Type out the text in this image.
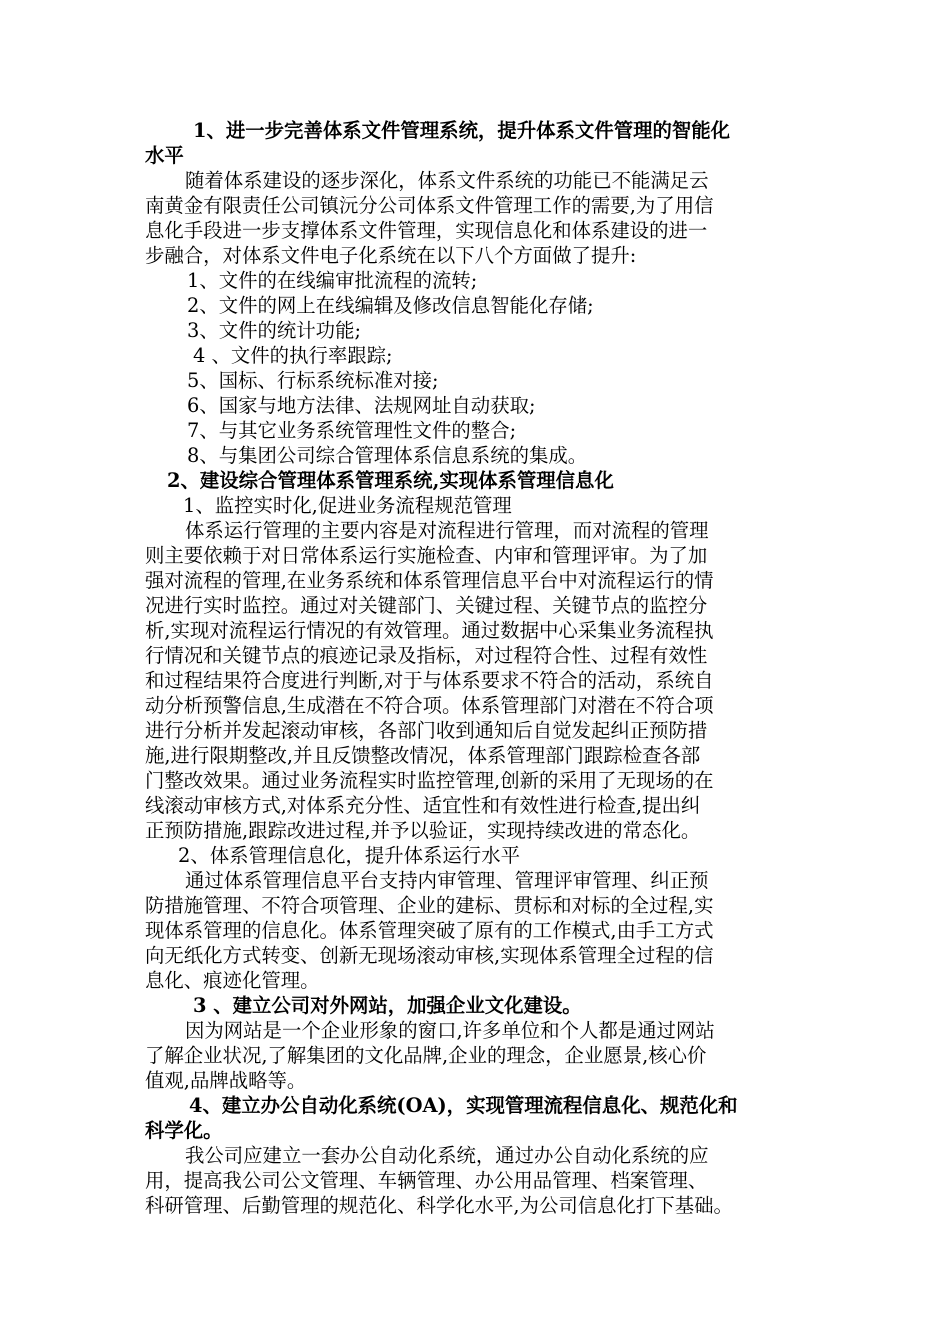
1、进一步完善体系文件管理系统，提升体系文件管理的智能化
水平
随着体系建设的逐步深化，体系文件系统的功能已不能满足云
南黄金有限责任公司镇沅分公司体系文件管理工作的需要,为了用信
息化手段进一步支撑体系文件管理，实现信息化和体系建设的进一
步融合，对体系文件电子化系统在以下八个方面做了提升:
1、文件的在线编审批流程的流转;
2、文件的网上在线编辑及修改信息智能化存储;
3、文件的统计功能;
4 、文件的执行率跟踪;
5、国标、行标系统标准对接;
6、国家与地方法律、法规网址自动获取;
7、与其它业务系统管理性文件的整合;
8、与集团公司综合管理体系信息系统的集成。
2、建设综合管理体系管理系统,实现体系管理信息化
1、监控实时化,促进业务流程规范管理
体系运行管理的主要内容是对流程进行管理，而对流程的管理
则主要依赖于对日常体系运行实施检查、内审和管理评审。为了加
强对流程的管理,在业务系统和体系管理信息平台中对流程运行的情
况进行实时监控。通过对关键部门、关键过程、关键节点的监控分
析,实现对流程运行情况的有效管理。通过数据中心采集业务流程执
行情况和关键节点的痕迹记录及指标，对过程符合性、过程有效性
和过程结果符合度进行判断,对于与体系要求不符合的活动，系统自
动分析预警信息,生成潜在不符合项。体系管理部门对潜在不符合项
进行分析并发起滚动审核，各部门收到通知后自觉发起纠正预防措
施,进行限期整改,并且反馈整改情况，体系管理部门跟踪检查各部
门整改效果。通过业务流程实时监控管理,创新的采用了无现场的在
线滚动审核方式,对体系充分性、适宜性和有效性进行检查,提出纠
正预防措施,跟踪改进过程,并予以验证，实现持续改进的常态化。
2、体系管理信息化，提升体系运行水平
通过体系管理信息平台支持内审管理、管理评审管理、纠正预
防措施管理、不符合项管理、企业的建标、贯标和对标的全过程,实
现体系管理的信息化。体系管理突破了原有的工作模式,由手工方式
向无纸化方式转变、创新无现场滚动审核,实现体系管理全过程的信
息化、痕迹化管理。
3 、建立公司对外网站，加强企业文化建设。
因为网站是一个企业形象的窗口,许多单位和个人都是通过网站
了解企业状况,了解集团的文化品牌,企业的理念，企业愿景,核心价
值观,品牌战略等。
4、建立办公自动化系统(OA)，实现管理流程信息化、规范化和
科学化。
我公司应建立一套办公自动化系统，通过办公自动化系统的应
用，提高我公司公文管理、车辆管理、办公用品管理、档案管理、
科研管理、后勤管理的规范化、科学化水平,为公司信息化打下基础。
